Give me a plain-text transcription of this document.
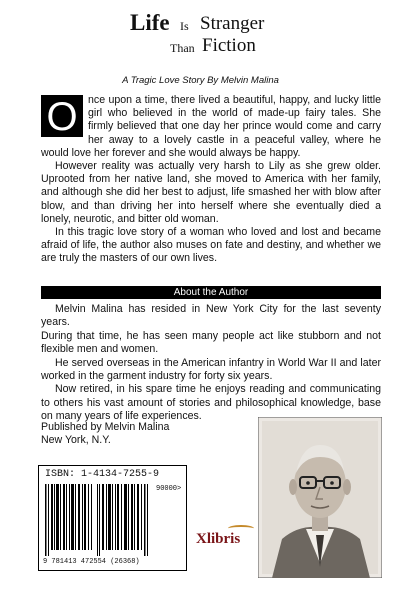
Life Is Stranger
Than Fiction
A Tragic Love Story By Melvin Malina

O nce upon a time, there lived a beautiful, happy, and lucky little girl who believed in the world of made-up fairy tales. She firmly believed that one day her prince would come and carry her away to a lovely castle in a peaceful valley, where he would love her forever and she would always be happy.

However reality was actually very harsh to Lily as she grew older. Uprooted from her native land, she moved to America with her family, and although she did her best to adjust, life smashed her with blow after blow, and than driving her into herself where she eventually died a lonely, neurotic, and bitter old woman.

In this tragic love story of a woman who loved and lost and became afraid of life, the author also muses on fate and destiny, and whether we are truly the masters of our own lives.

About the Author

Melvin Malina has resided in New York City for the last seventy years.

During that time, he has seen many people act like stubborn and not flexible men and women.

He served overseas in the American infantry in World War II and later worked in the garment industry for forty six years.

Now retired, in his spare time he enjoys reading and communicating to others his vast amount of stories and philosophical knowledge, base on many years of life experiences.

Published by Melvin Malina
New York, N.Y.
ISBN: 1-4134-7255-9
90000>
9 781413 472554 (26368)
Xlibris
